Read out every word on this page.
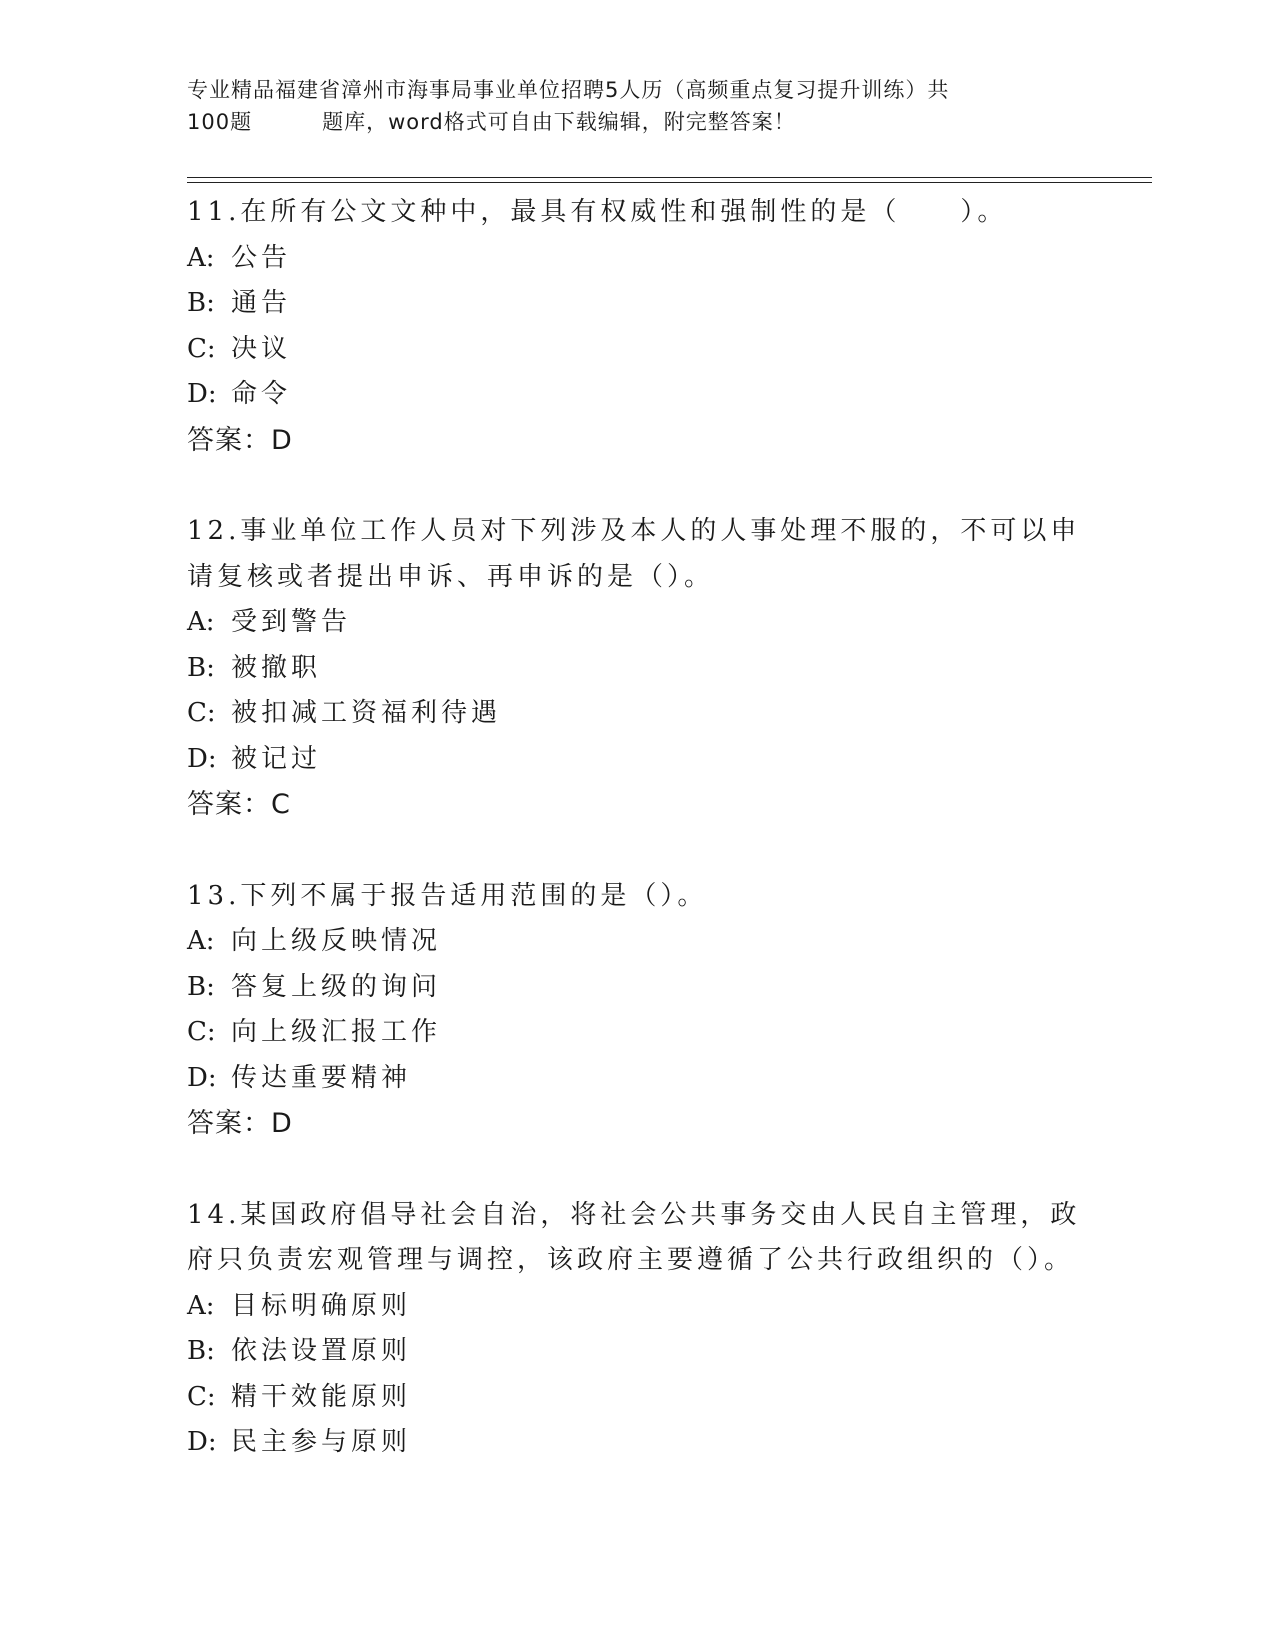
专业精品福建省漳州市海事局事业单位招聘5人历（高频重点复习提升训练）共
100题	题库，word格式可自由下载编辑，附完整答案！

11.在所有公文文种中，最具有权威性和强制性的是（　　）。

A: 公告

B: 通告

C: 决议

D: 命令

答案：D

12.事业单位工作人员对下列涉及本人的人事处理不服的，不可以申请复核或者提出申诉、再申诉的是（）。

A: 受到警告

B: 被撤职

C: 被扣减工资福利待遇

D: 被记过

答案：C

13.下列不属于报告适用范围的是（）。

A: 向上级反映情况

B: 答复上级的询问

C: 向上级汇报工作

D: 传达重要精神

答案：D

14.某国政府倡导社会自治，将社会公共事务交由人民自主管理，政府只负责宏观管理与调控，该政府主要遵循了公共行政组织的（）。

A: 目标明确原则

B: 依法设置原则

C: 精干效能原则

D: 民主参与原则
